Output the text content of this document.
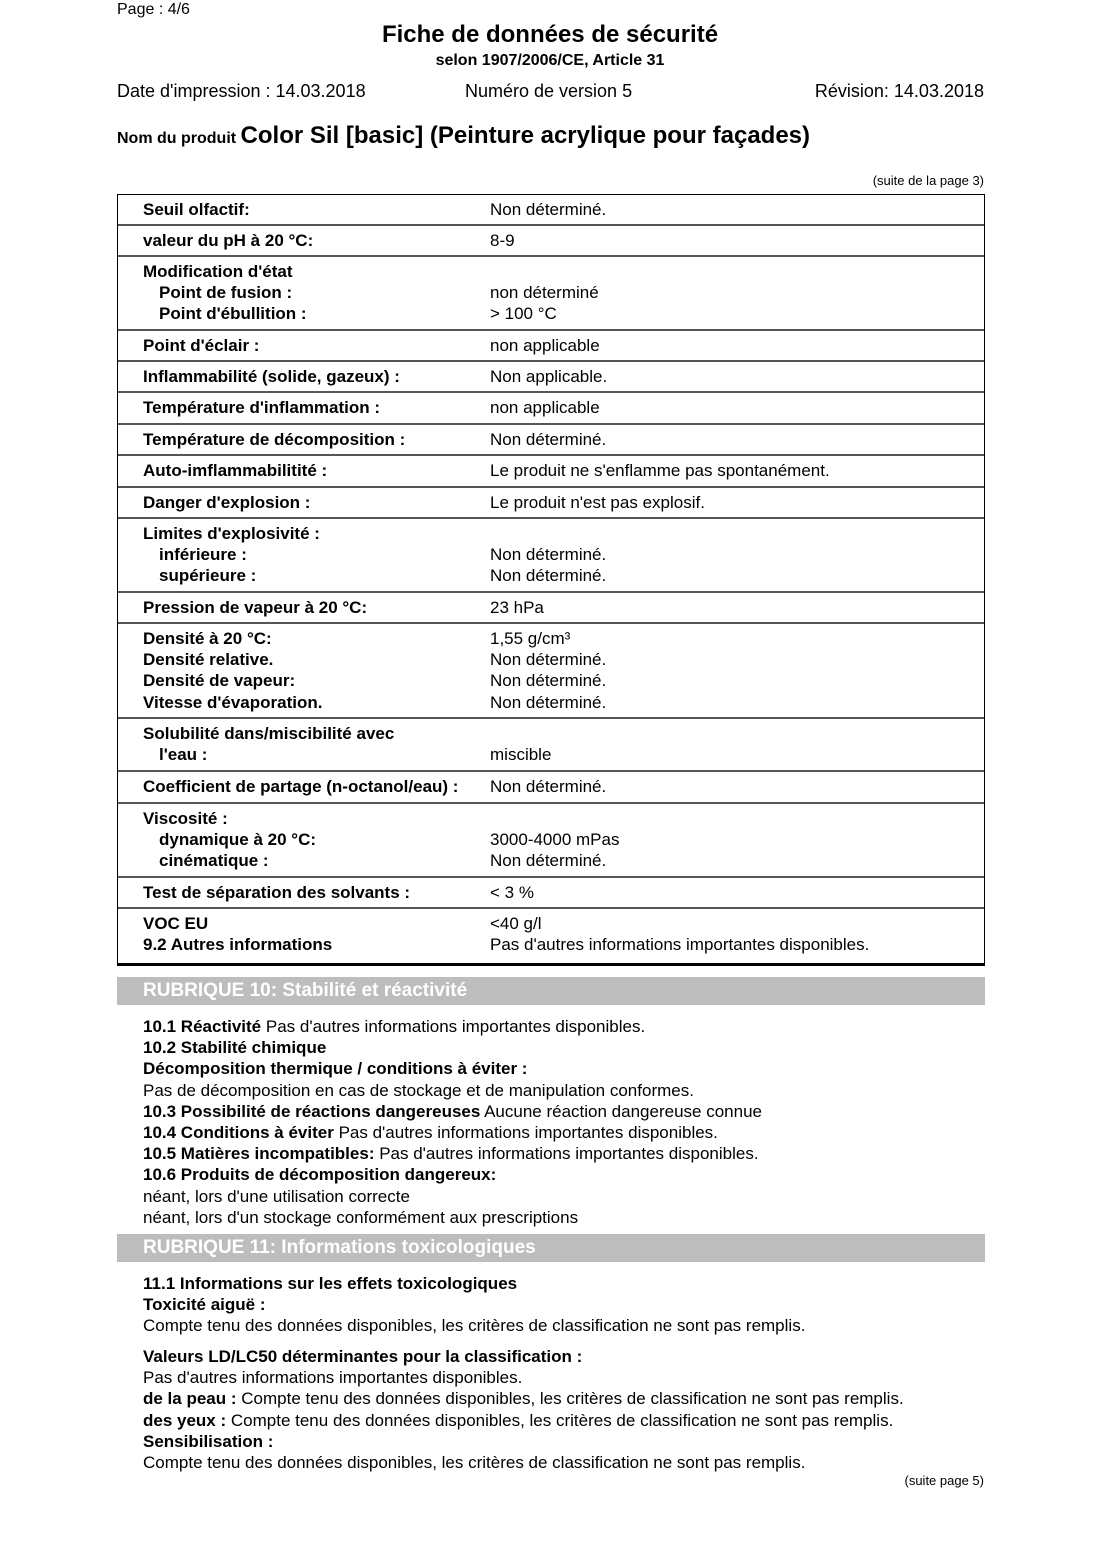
Page : 4/6
Fiche de données de sécurité
selon 1907/2006/CE, Article 31
Date d'impression : 14.03.2018	Numéro de version 5	Révision: 14.03.2018
Nom du produit Color Sil [basic] (Peinture acrylique pour façades)
(suite de la page 3)
Seuil olfactif:	Non déterminé.
valeur du pH à 20 °C:	8-9
Modification d'état
Point de fusion :	non déterminé
Point d'ébullition :	> 100 °C
Point d'éclair :	non applicable
Inflammabilité (solide, gazeux) :	Non applicable.
Température d'inflammation :	non applicable
Température de décomposition :	Non déterminé.
Auto-imflammabilitité :	Le produit ne s'enflamme pas spontanément.
Danger d'explosion :	Le produit n'est pas explosif.
Limites d'explosivité :
inférieure :	Non déterminé.
supérieure :	Non déterminé.
Pression de vapeur à 20 °C:	23 hPa
Densité à 20 °C:	1,55 g/cm³
Densité relative.	Non déterminé.
Densité de vapeur:	Non déterminé.
Vitesse d'évaporation.	Non déterminé.
Solubilité dans/miscibilité avec
l'eau :	miscible
Coefficient de partage (n-octanol/eau) : Non déterminé.
Viscosité :
dynamique à 20 °C:	3000-4000 mPas
cinématique :	Non déterminé.
Test de séparation des solvants :	< 3 %
VOC EU	<40 g/l
9.2 Autres informations	Pas d'autres informations importantes disponibles.
RUBRIQUE 10: Stabilité et réactivité
10.1 Réactivité Pas d'autres informations importantes disponibles.
10.2 Stabilité chimique
Décomposition thermique / conditions à éviter :
Pas de décomposition en cas de stockage et de manipulation conformes.
10.3 Possibilité de réactions dangereuses Aucune réaction dangereuse connue
10.4 Conditions à éviter Pas d'autres informations importantes disponibles.
10.5 Matières incompatibles: Pas d'autres informations importantes disponibles.
10.6 Produits de décomposition dangereux:
néant, lors d'une utilisation correcte
néant, lors d'un stockage conformément aux prescriptions
RUBRIQUE 11: Informations toxicologiques
11.1 Informations sur les effets toxicologiques
Toxicité aiguë :
Compte tenu des données disponibles, les critères de classification ne sont pas remplis.
Valeurs LD/LC50 déterminantes pour la classification :
Pas d'autres informations importantes disponibles.
de la peau : Compte tenu des données disponibles, les critères de classification ne sont pas remplis.
des yeux : Compte tenu des données disponibles, les critères de classification ne sont pas remplis.
Sensibilisation :
Compte tenu des données disponibles, les critères de classification ne sont pas remplis.
(suite page 5)
